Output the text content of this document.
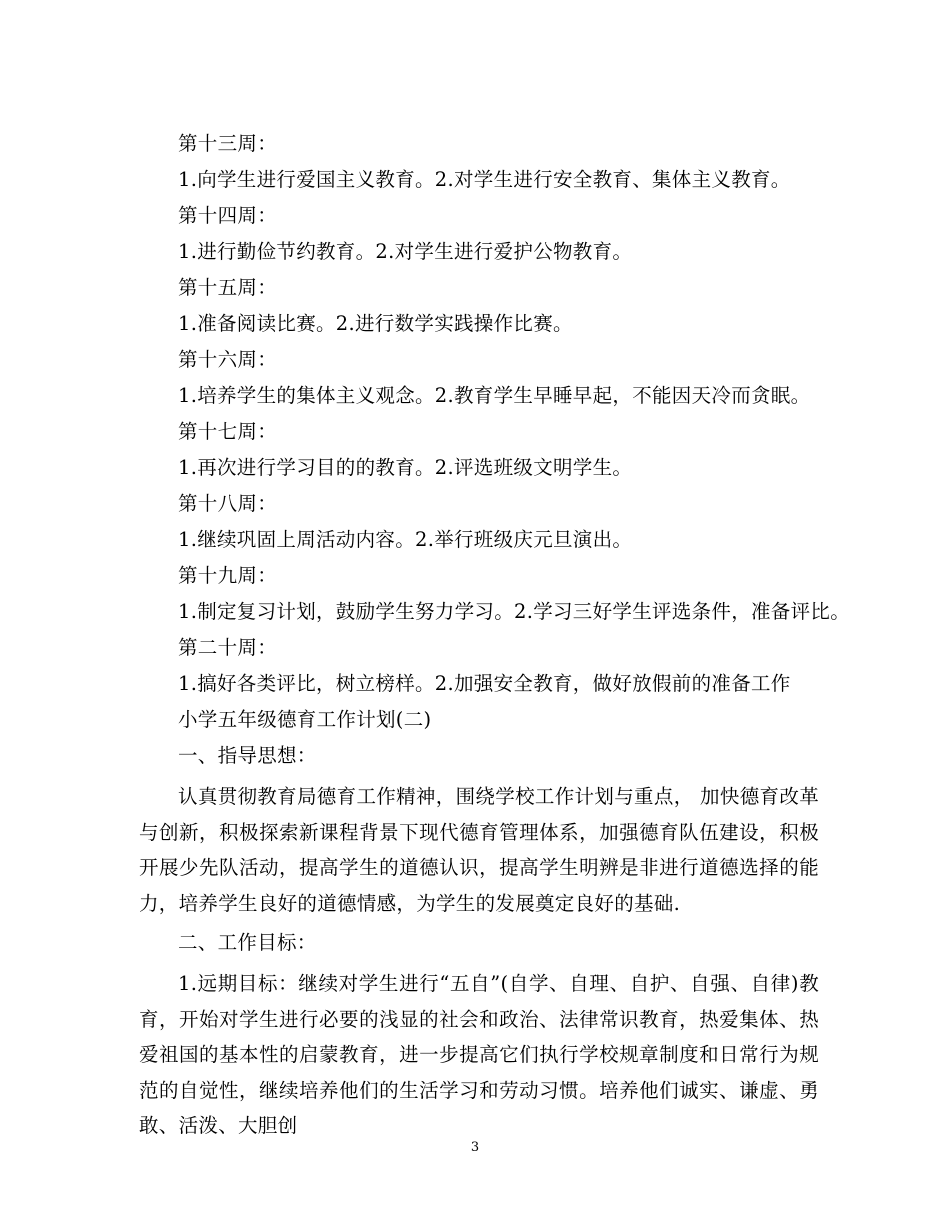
第十三周：
1.向学生进行爱国主义教育。2.对学生进行安全教育、集体主义教育。
第十四周：
1.进行勤俭节约教育。2.对学生进行爱护公物教育。
第十五周：
1.准备阅读比赛。2.进行数学实践操作比赛。
第十六周：
1.培养学生的集体主义观念。2.教育学生早睡早起，不能因天冷而贪眠。
第十七周：
1.再次进行学习目的的教育。2.评选班级文明学生。
第十八周：
1.继续巩固上周活动内容。2.举行班级庆元旦演出。
第十九周：
1.制定复习计划，鼓励学生努力学习。2.学习三好学生评选条件，准备评比。
第二十周：
1.搞好各类评比，树立榜样。2.加强安全教育，做好放假前的准备工作
小学五年级德育工作计划(二)
一、指导思想：
认真贯彻教育局德育工作精神，围绕学校工作计划与重点， 加快德育改革与创新，积极探索新课程背景下现代德育管理体系，加强德育队伍建设，积极开展少先队活动，提高学生的道德认识，提高学生明辨是非进行道德选择的能力，培养学生良好的道德情感，为学生的发展奠定良好的基础.
二、工作目标：
1.远期目标：继续对学生进行“五自”(自学、自理、自护、自强、自律)教育，开始对学生进行必要的浅显的社会和政治、法律常识教育，热爱集体、热爱祖国的基本性的启蒙教育，进一步提高它们执行学校规章制度和日常行为规范的自觉性，继续培养他们的生活学习和劳动习惯。培养他们诚实、谦虚、勇敢、活泼、大胆创
3
